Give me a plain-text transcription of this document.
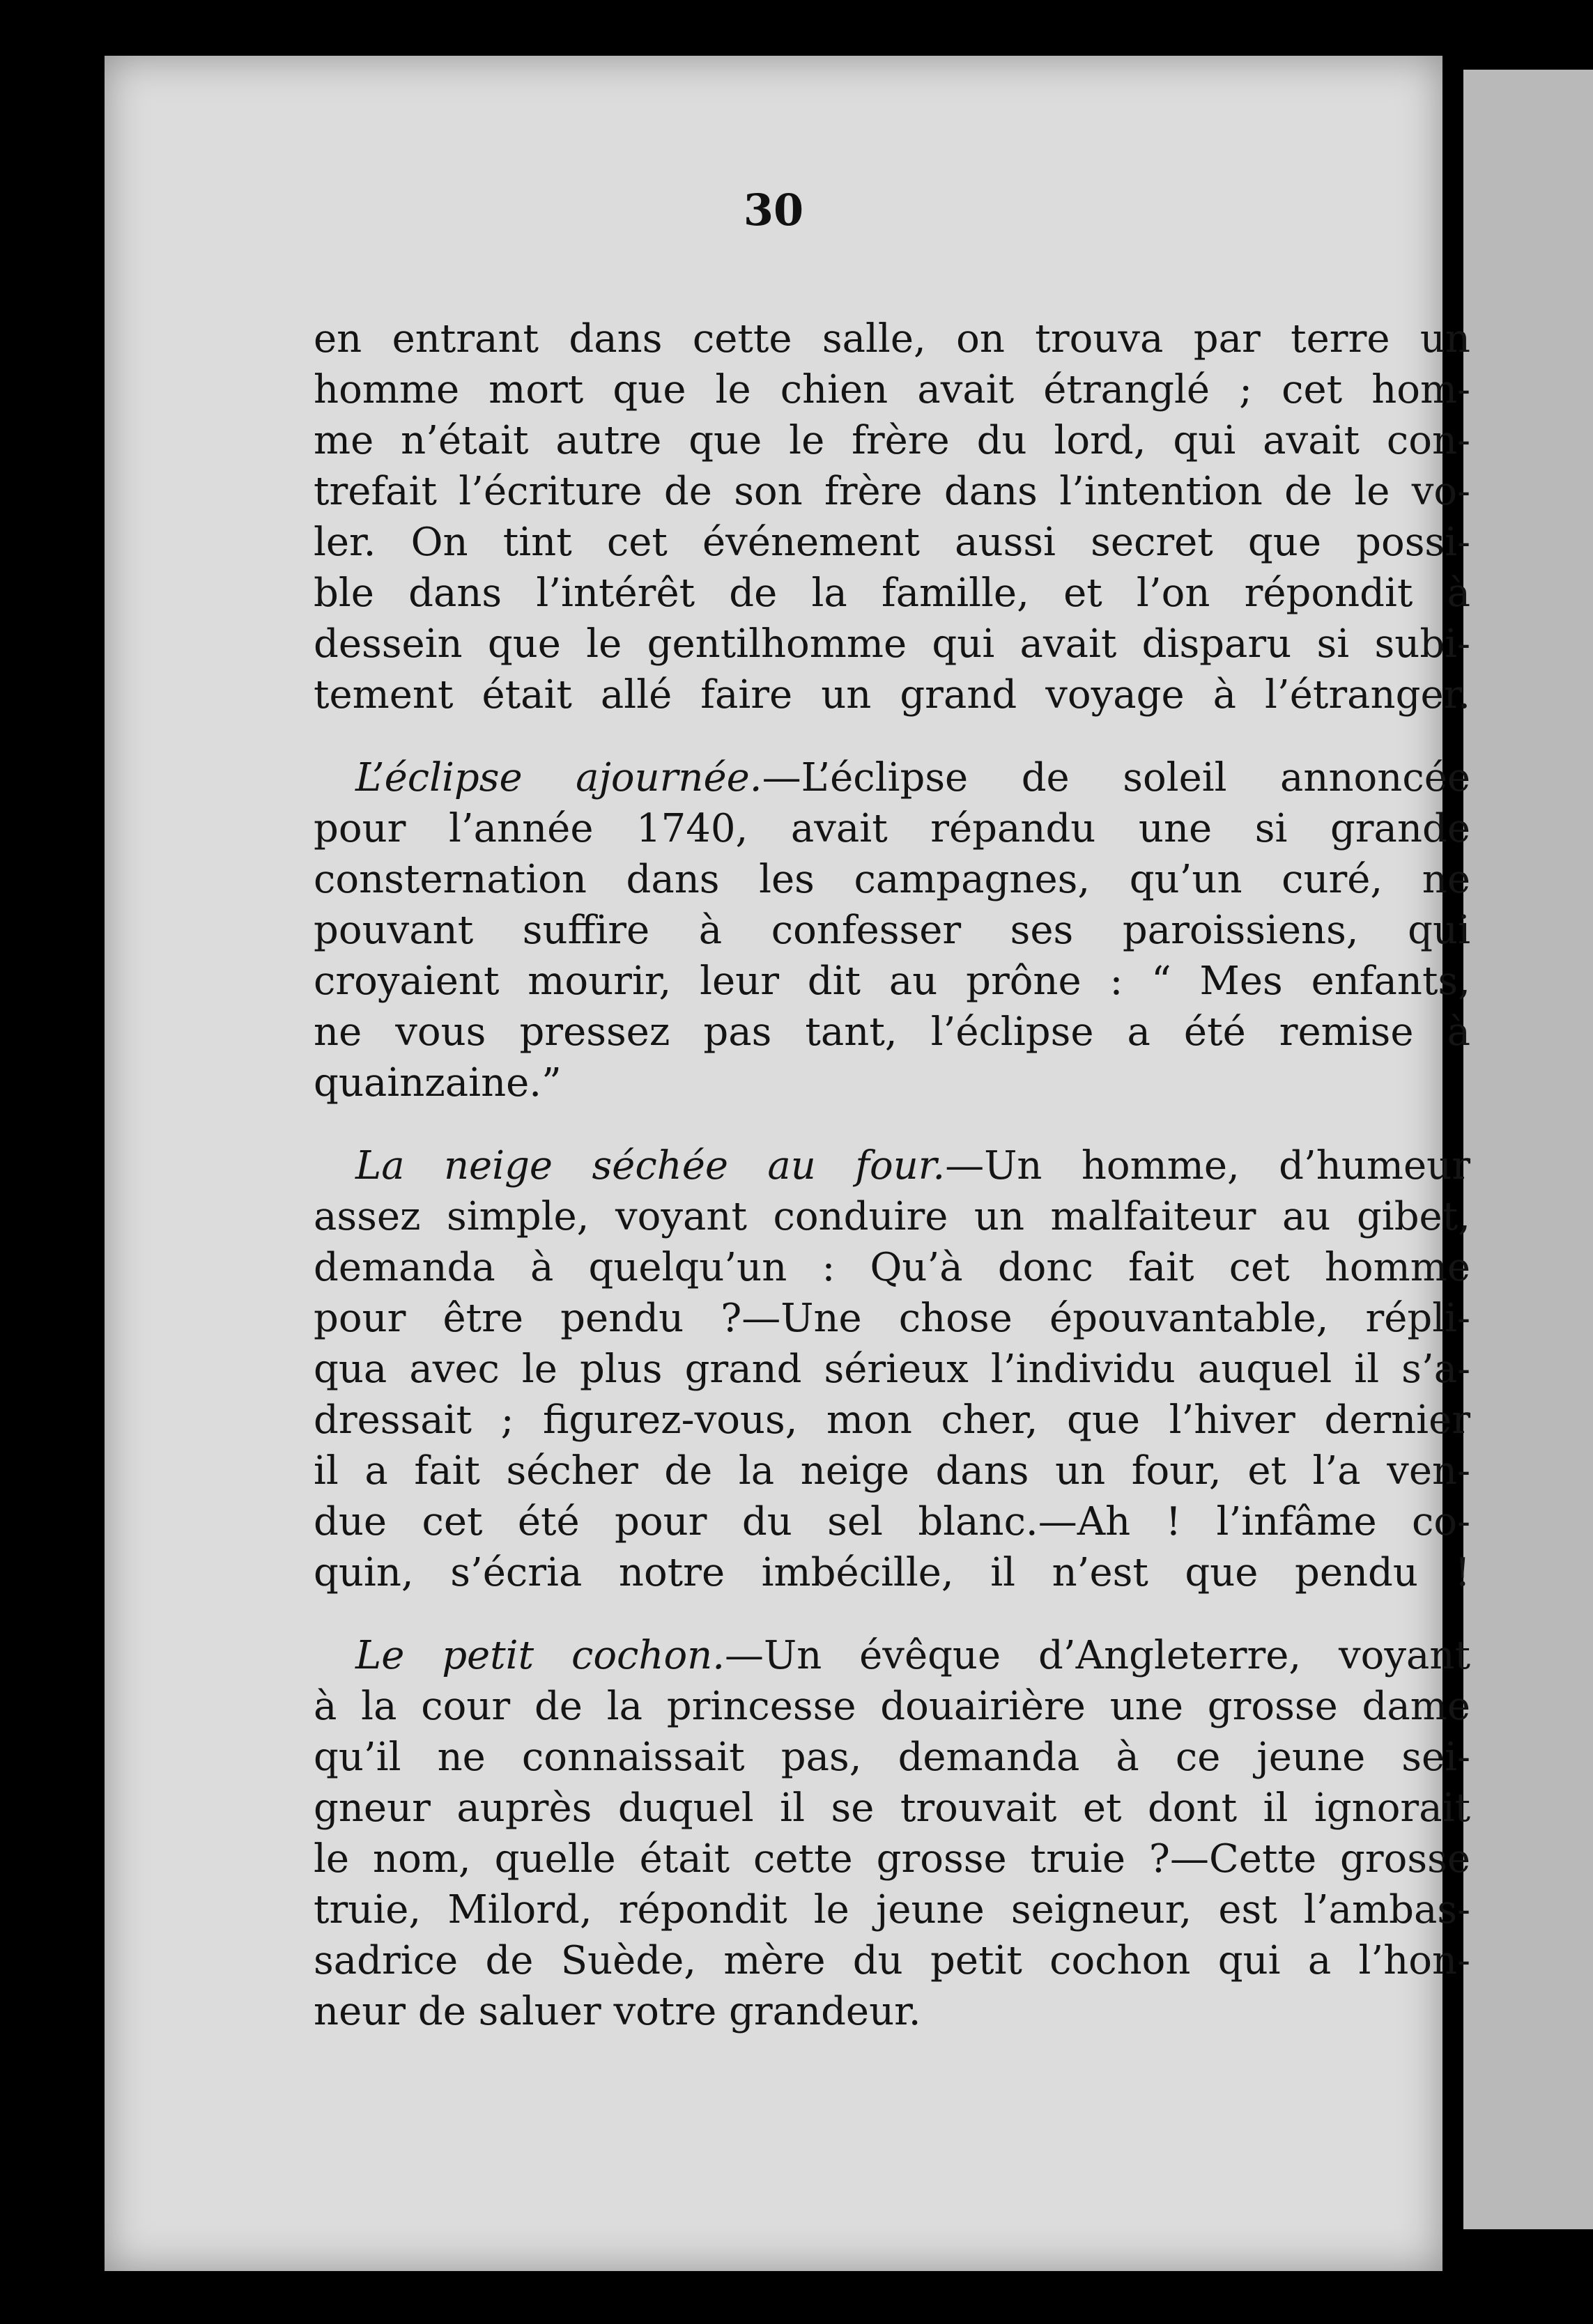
30

en entrant dans cette salle, on trouva par terre un
homme mort que le chien avait étranglé ; cet hom-
me n’était autre que le frère du lord, qui avait con-
trefait l’écriture de son frère dans l’intention de le vo-
ler. On tint cet événement aussi secret que possi-
ble dans l’intérêt de la famille, et l’on répondit à
dessein que le gentilhomme qui avait disparu si subi-
tement était allé faire un grand voyage à l’étranger.

L’éclipse ajournée.—L’éclipse de soleil annoncée
pour l’année 1740, avait répandu une si grande
consternation dans les campagnes, qu’un curé, ne
pouvant suffire à confesser ses paroissiens, qui
croyaient mourir, leur dit au prône : “ Mes enfants,
ne vous pressez pas tant, l’éclipse a été remise à
quainzaine.”

La neige séchée au four.—Un homme, d’humeur
assez simple, voyant conduire un malfaiteur au gibet,
demanda à quelqu’un : Qu’à donc fait cet homme
pour être pendu ?—Une chose épouvantable, répli-
qua avec le plus grand sérieux l’individu auquel il s’a-
dressait ; figurez-vous, mon cher, que l’hiver dernier
il a fait sécher de la neige dans un four, et l’a ven-
due cet été pour du sel blanc.—Ah ! l’infâme co-
quin, s’écria notre imbécille, il n’est que pendu !

Le petit cochon.—Un évêque d’Angleterre, voyant
à la cour de la princesse douairière une grosse dame
qu’il ne connaissait pas, demanda à ce jeune sei-
gneur auprès duquel il se trouvait et dont il ignorait
le nom, quelle était cette grosse truie ?—Cette grosse
truie, Milord, répondit le jeune seigneur, est l’ambas-
sadrice de Suède, mère du petit cochon qui a l’hon-
neur de saluer votre grandeur.
